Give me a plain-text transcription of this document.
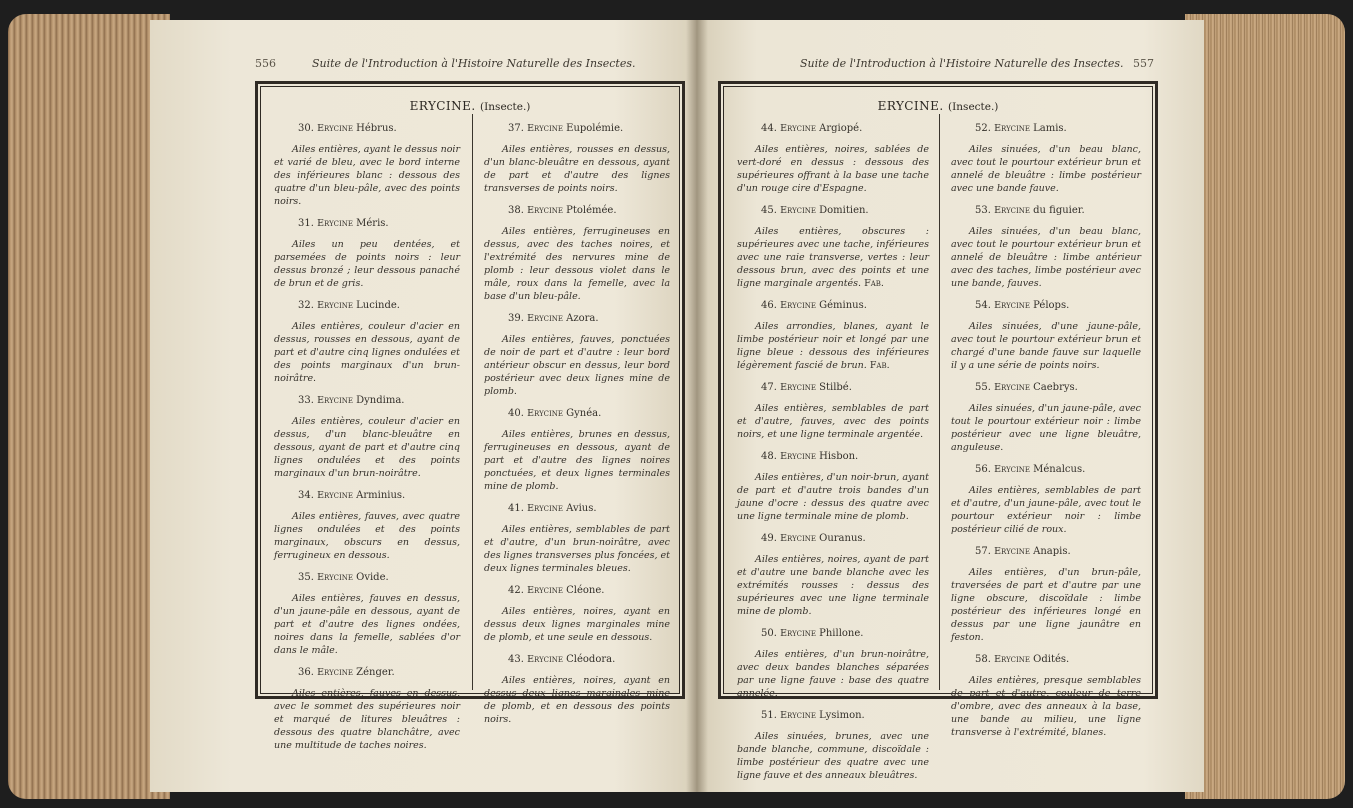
556	Suite de l'Introduction à l'Histoire Naturelle des Insectes.	Suite de l'Introduction à l'Histoire Naturelle des Insectes. 557
ERYCINE. (Insecte.)
30. Erycine Hébrus.
Ailes entières, ayant le dessus noir et varié de bleu, avec le bord interne des inférieures blanc : dessous des quatre d'un bleu-pâle, avec des points noirs.
31. Erycine Méris.
Ailes un peu dentées, et parsemées de points noirs : leur dessus bronzé ; leur dessous panaché de brun et de gris.
32. Erycine Lucinde.
Ailes entières, couleur d'acier en dessus, rousses en dessous, ayant de part et d'autre cinq lignes ondulées et des points marginaux d'un brun-noirâtre.
33. Erycine Dyndima.
Ailes entières, couleur d'acier en dessus, d'un blanc-bleuâtre en dessous, ayant de part et d'autre cinq lignes ondulées et des points marginaux d'un brun-noirâtre.
34. Erycine Arminius.
Ailes entières, fauves, avec quatre lignes ondulées et des points marginaux, obscurs en dessus, ferrugineux en dessous.
35. Erycine Ovide.
Ailes entières, fauves en dessus, d'un jaune-pâle en dessous, ayant de part et d'autre des lignes ondées, noires dans la femelle, sablées d'or dans le mâle.
36. Erycine Zénger.
Ailes entières, fauves en dessus, avec le sommet des supérieures noir et marqué de litures bleuâtres : dessous des quatre blanchâtre, avec une multitude de taches noires.
37. Erycine Eupolémie.
Ailes entières, rousses en dessus, d'un blanc-bleuâtre en dessous, ayant de part et d'autre des lignes transverses de points noirs.
38. Erycine Ptolémée.
Ailes entières, ferrugineuses en dessus, avec des taches noires, et l'extrémité des nervures mine de plomb : leur dessous violet dans le mâle, roux dans la femelle, avec la base d'un bleu-pâle.
39. Erycine Azora.
Ailes entières, fauves, ponctuées de noir de part et d'autre : leur bord antérieur obscur en dessus, leur bord postérieur avec deux lignes mine de plomb.
40. Erycine Gynéa.
Ailes entières, brunes en dessus, ferrugineuses en dessous, ayant de part et d'autre des lignes noires ponctuées, et deux lignes terminales mine de plomb.
41. Erycine Avius.
Ailes entières, semblables de part et d'autre, d'un brun-noirâtre, avec des lignes transverses plus foncées, et deux lignes terminales bleues.
42. Erycine Cléone.
Ailes entières, noires, ayant en dessus deux lignes marginales mine de plomb, et une seule en dessous.
43. Erycine Cléodora.
Ailes entières, noires, ayant en dessus deux lignes marginales mine de plomb, et en dessous des points noirs.
ERYCINE. (Insecte.)
44. Erycine Argiopé.
Ailes entières, noires, sablées de vert-doré en dessus : dessous des supérieures offrant à la base une tache d'un rouge cire d'Espagne.
45. Erycine Domitien.
Ailes entières, obscures : supérieures avec une tache, inférieures avec une raie transverse, vertes : leur dessous brun, avec des points et une ligne marginale argentés. Fab.
46. Erycine Géminus.
Ailes arrondies, blanes, ayant le limbe postérieur noir et longé par une ligne bleue : dessous des inférieures légèrement fascié de brun. Fab.
47. Erycine Stilbé.
Ailes entières, semblables de part et d'autre, fauves, avec des points noirs, et une ligne terminale argentée.
48. Erycine Hisbon.
Ailes entières, d'un noir-brun, ayant de part et d'autre trois bandes d'un jaune d'ocre : dessus des quatre avec une ligne terminale mine de plomb.
49. Erycine Ouranus.
Ailes entières, noires, ayant de part et d'autre une bande blanche avec les extrémités rousses : dessus des supérieures avec une ligne terminale mine de plomb.
50. Erycine Phillone.
Ailes entières, d'un brun-noirâtre, avec deux bandes blanches séparées par une ligne fauve : base des quatre annelée.
51. Erycine Lysimon.
Ailes sinuées, brunes, avec une bande blanche, commune, discoïdale : limbe postérieur des quatre avec une ligne fauve et des anneaux bleuâtres.
52. Erycine Lamis.
Ailes sinuées, d'un beau blanc, avec tout le pourtour extérieur brun et annelé de bleuâtre : limbe postérieur avec une bande fauve.
53. Erycine du figuier.
Ailes sinuées, d'un beau blanc, avec tout le pourtour extérieur brun et annelé de bleuâtre : limbe antérieur avec des taches, limbe postérieur avec une bande, fauves.
54. Erycine Pélops.
Ailes sinuées, d'une jaune-pâle, avec tout le pourtour extérieur brun et chargé d'une bande fauve sur laquelle il y a une série de points noirs.
55. Erycine Caebrys.
Ailes sinuées, d'un jaune-pâle, avec tout le pourtour extérieur noir : limbe postérieur avec une ligne bleuâtre, anguleuse.
56. Erycine Ménalcus.
Ailes entières, semblables de part et d'autre, d'un jaune-pâle, avec tout le pourtour extérieur noir : limbe postérieur cilié de roux.
57. Erycine Anapis.
Ailes entières, d'un brun-pâle, traversées de part et d'autre par une ligne obscure, discoïdale : limbe postérieur des inférieures longé en dessus par une ligne jaunâtre en feston.
58. Erycine Odités.
Ailes entières, presque semblables de part et d'autre, couleur de terre d'ombre, avec des anneaux à la base, une bande au milieu, une ligne transverse à l'extrémité, blanes.
